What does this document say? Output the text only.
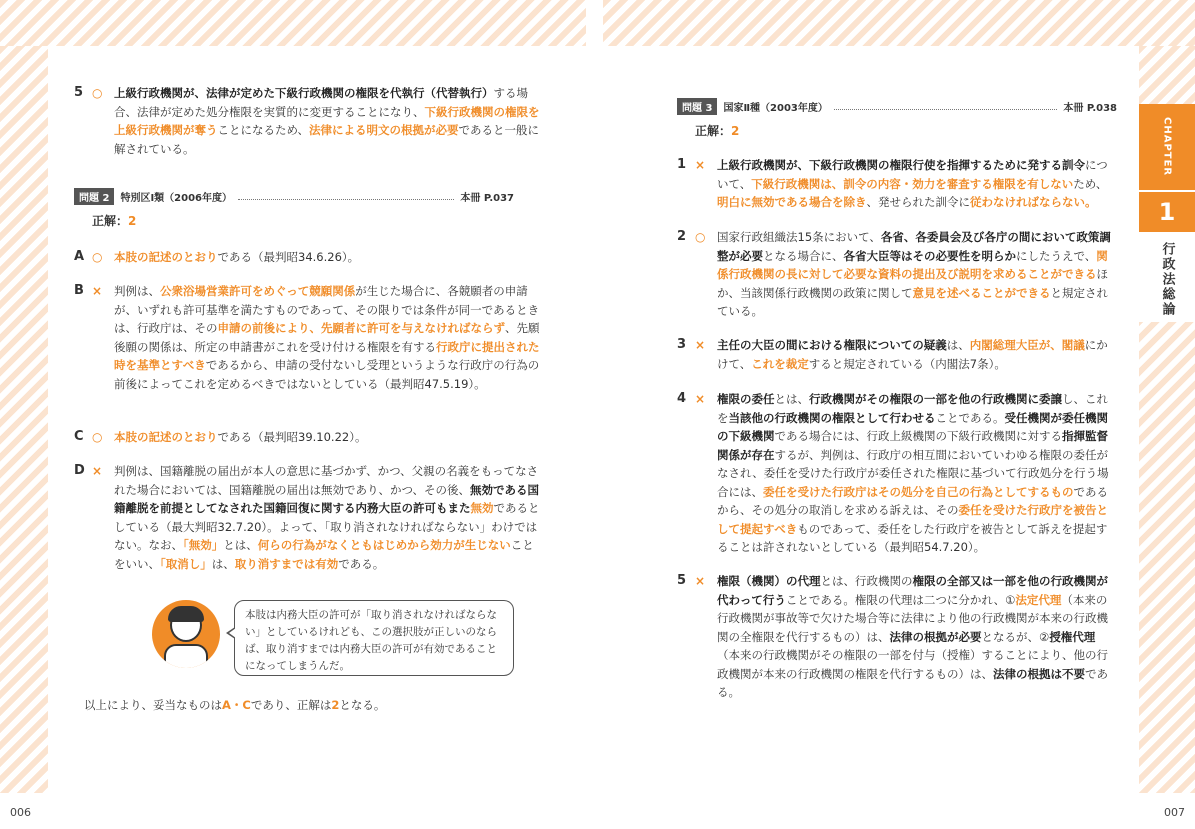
5 ○ 上級行政機関が、法律が定めた下級行政機関の権限を代執行（代替執行）する場合、法律が定めた処分権限を実質的に変更することになり、下級行政機関の権限を上級行政機関が奪うことになるため、法律による明文の根拠が必要であると一般に解されている。
問題 2	特別区Ⅰ類（2006年度）	本冊 P.037
正解：2
A ○ 本肢の記述のとおりである（最判昭34.6.26）。
B × 判例は、公衆浴場営業許可をめぐって競願関係が生じた場合に、各競願者の申請が、いずれも許可基準を満たすものであって、その限りでは条件が同一であるときは、行政庁は、その申請の前後により、先願者に許可を与えなければならず、先願後願の関係は、所定の申請書がこれを受け付ける権限を有する行政庁に提出された時を基準とすべきであるから、申請の受付ないし受理というような行政庁の行為の前後によってこれを定めるべきではないとしている（最判昭47.5.19）。
C ○ 本肢の記述のとおりである（最判昭39.10.22）。
D × 判例は、国籍離脱の届出が本人の意思に基づかず、かつ、父親の名義をもってなされた場合においては、国籍離脱の届出は無効であり、かつ、その後、無効である国籍離脱を前提としてなされた国籍回復に関する内務大臣の許可もまた無効であるとしている（最大判昭32.7.20）。よって、「取り消されなければならない」わけではない。なお、「無効」とは、何らの行為がなくともはじめから効力が生じないことをいい、「取消し」は、取り消すまでは有効である。
以上により、妥当なものはA・Cであり、正解は2となる。
本肢は内務大臣の許可が「取り消されなければならない」としているけれども、この選択肢が正しいのならば、取り消すまでは内務大臣の許可が有効であることになってしまうんだ。
問題 3	国家Ⅱ種（2003年度）	本冊 P.038
正解：2
1 × 上級行政機関が、下級行政機関の権限行使を指揮するために発する訓令について、下級行政機関は、訓令の内容・効力を審査する権限を有しないため、明白に無効である場合を除き、発せられた訓令に従わなければならない。
2 ○ 国家行政組織法15条において、各省、各委員会及び各庁の間において政策調整が必要となる場合に、各省大臣等はその必要性を明らかにしたうえで、関係行政機関の長に対して必要な資料の提出及び説明を求めることができるほか、当該関係行政機関の政策に関して意見を述べることができると規定されている。
3 × 主任の大臣の間における権限についての疑義は、内閣総理大臣が、閣議にかけて、これを裁定すると規定されている（内閣法7条）。
4 × 権限の委任とは、行政機関がその権限の一部を他の行政機関に委譲し、これを当該他の行政機関の権限として行わせることである。受任機関が委任機関の下級機関である場合には、行政上級機関の下級行政機関に対する指揮監督関係が存在するが、判例は、行政庁の相互間においていわゆる権限の委任がなされ、委任を受けた行政庁が委任された権限に基づいて行政処分を行う場合には、委任を受けた行政庁はその処分を自己の行為としてするものであるから、その処分の取消しを求める訴えは、その委任を受けた行政庁を被告として提起すべきものであって、委任をした行政庁を被告として訴えを提起することは許されないとしている（最判昭54.7.20）。
5 × 権限（機関）の代理とは、行政機関の権限の全部又は一部を他の行政機関が代わって行うことである。権限の代理は二つに分かれ、①法定代理（本来の行政機関が事故等で欠けた場合等に法律により他の行政機関が本来の行政機関の全権限を代行するもの）は、法律の根拠が必要となるが、②授権代理（本来の行政機関がその権限の一部を付与（授権）することにより、他の行政機関が本来の行政機関の権限を代行するもの）は、法律の根拠は不要である。
CHAPTER
1
行政法総論
006	007
